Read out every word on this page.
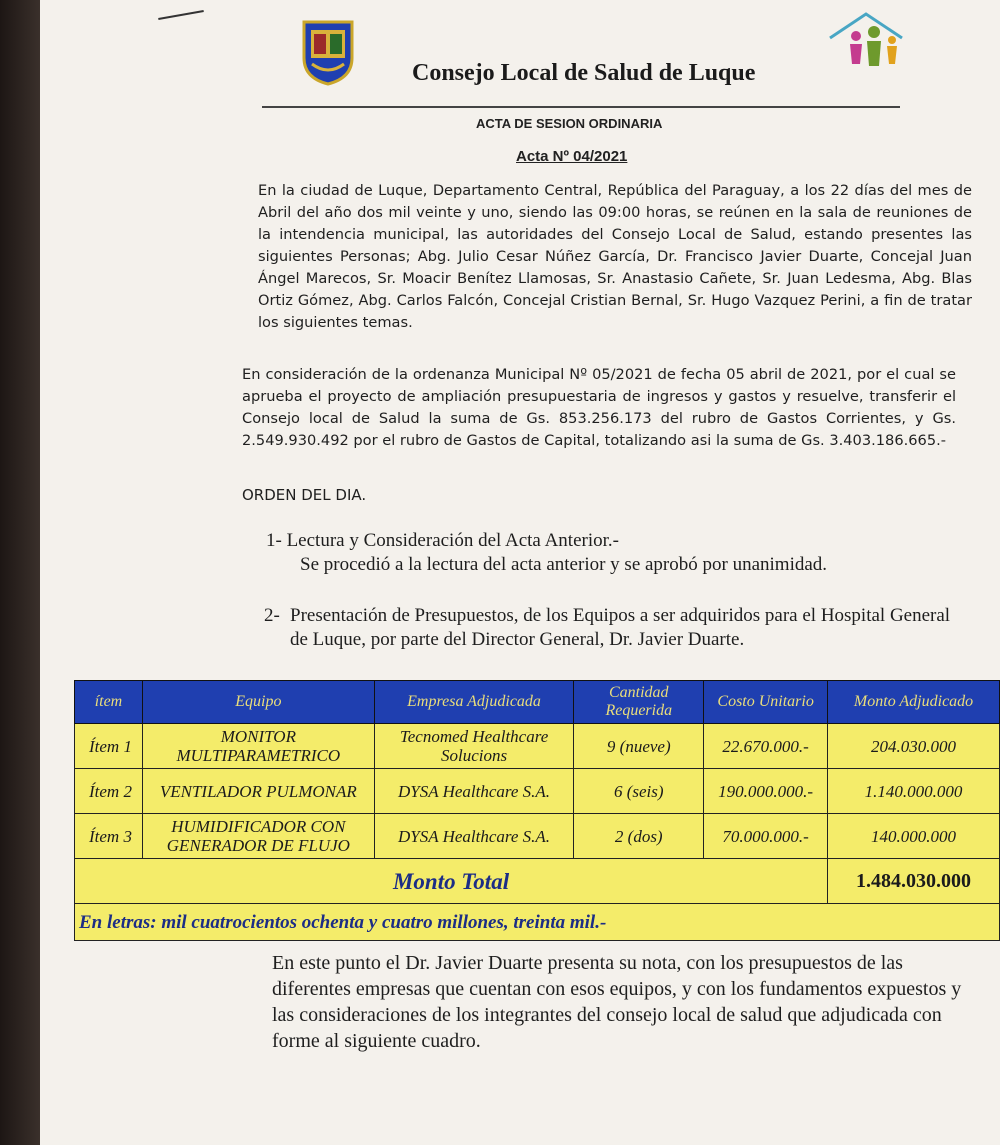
Consejo Local de Salud de Luque
ACTA DE SESION ORDINARIA
Acta Nº 04/2021

En la ciudad de Luque, Departamento Central, República del Paraguay, a los 22 días del mes de Abril del año dos mil veinte y uno, siendo las 09:00 horas, se reúnen en la sala de reuniones de la intendencia municipal, las autoridades del Consejo Local de Salud, estando presentes las siguientes Personas; Abg. Julio Cesar Núñez García, Dr. Francisco Javier Duarte, Concejal Juan Ángel Marecos, Sr. Moacir Benítez Llamosas, Sr. Anastasio Cañete, Sr. Juan Ledesma, Abg. Blas Ortiz Gómez, Abg. Carlos Falcón, Concejal Cristian Bernal, Sr. Hugo Vazquez Perini, a fin de tratar los siguientes temas.

En consideración de la ordenanza Municipal Nº 05/2021 de fecha 05 abril de 2021, por el cual se aprueba el proyecto de ampliación presupuestaria de ingresos y gastos y resuelve, transferir el Consejo local de Salud la suma de Gs. 853.256.173 del rubro de Gastos Corrientes, y Gs. 2.549.930.492 por el rubro de Gastos de Capital, totalizando asi la suma de Gs. 3.403.186.665.-

ORDEN DEL DIA.

1- Lectura y Consideración del Acta Anterior.-
Se procedió a la lectura del acta anterior y se aprobó por unanimidad.
2- Presentación de Presupuestos, de los Equipos a ser adquiridos para el Hospital General de Luque, por parte del Director General, Dr. Javier Duarte.
ítem	Equipo	Empresa Adjudicada	Cantidad Requerida	Costo Unitario	Monto Adjudicado
Ítem 1	MONITOR MULTIPARAMETRICO	Tecnomed Healthcare Solucions	9 (nueve)	22.670.000.-	204.030.000
Ítem 2	VENTILADOR PULMONAR	DYSA Healthcare S.A.	6 (seis)	190.000.000.-	1.140.000.000
Ítem 3	HUMIDIFICADOR CON GENERADOR DE FLUJO	DYSA Healthcare S.A.	2 (dos)	70.000.000.-	140.000.000
Monto Total					1.484.030.000
En letras: mil cuatrocientos ochenta y cuatro millones, treinta mil.-					

En este punto el Dr. Javier Duarte presenta su nota, con los presupuestos de las diferentes empresas que cuentan con esos equipos, y con los fundamentos expuestos y las consideraciones de los integrantes del consejo local de salud que adjudicada con forme al siguiente cuadro.
